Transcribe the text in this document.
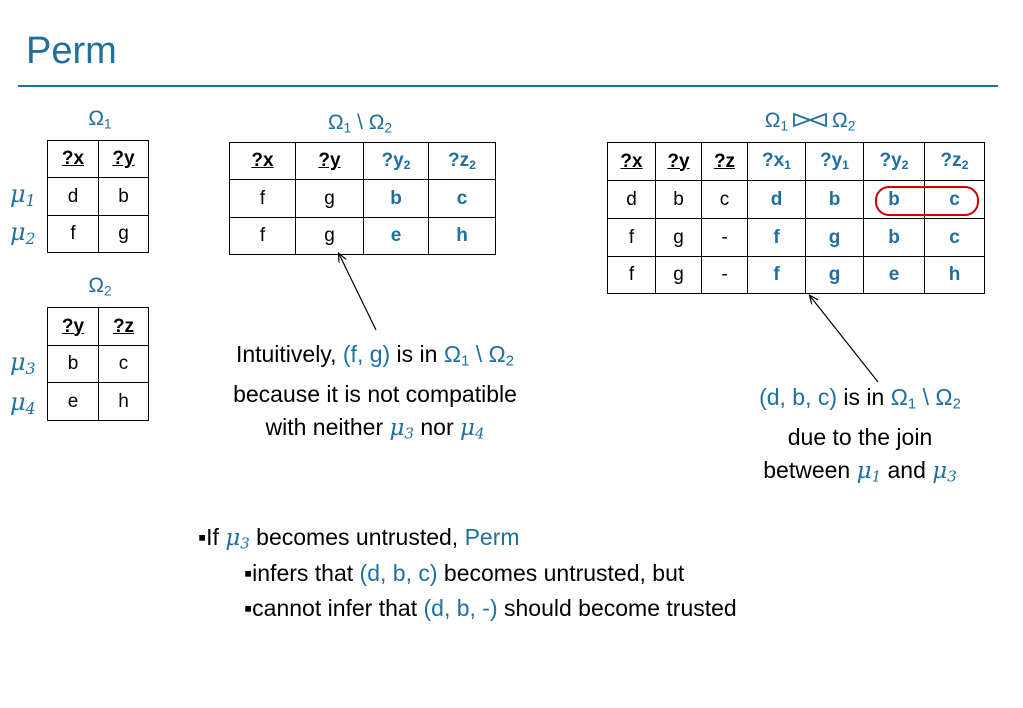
Perm
$\Omega_1$
$\mu_1$
$\mu_2$
?x	?y
d	b
f	g
$\Omega_2$
$\mu_3$
$\mu_4$
?y	?z
b	c
e	h
$\Omega_1$ \ $\Omega_2$
?x	?y	$?y_2$	$?z_2$
f	g	b	c
f	g	e	h
$\Omega_1$ $\Omega_2$
?x	?y	?z	$?x_1$	$?y_1$	$?y_2$	$?z_2$
d	b	c	d	b	b	c
f	g	-	f	g	b	c
f	g	-	f	g	e	h
Intuitively, (f, g) is in $\Omega_1$ \ $\Omega_2$
because it is not compatible
with neither $\mu_3$ nor $\mu_4$
(d, b, c) is in $\Omega_1$ \ $\Omega_2$
due to the join
between $\mu_1$ and $\mu_3$
▪If $\mu_3$ becomes untrusted, Perm
▪infers that (d, b, c) becomes untrusted, but
▪cannot infer that (d, b, -) should become trusted
